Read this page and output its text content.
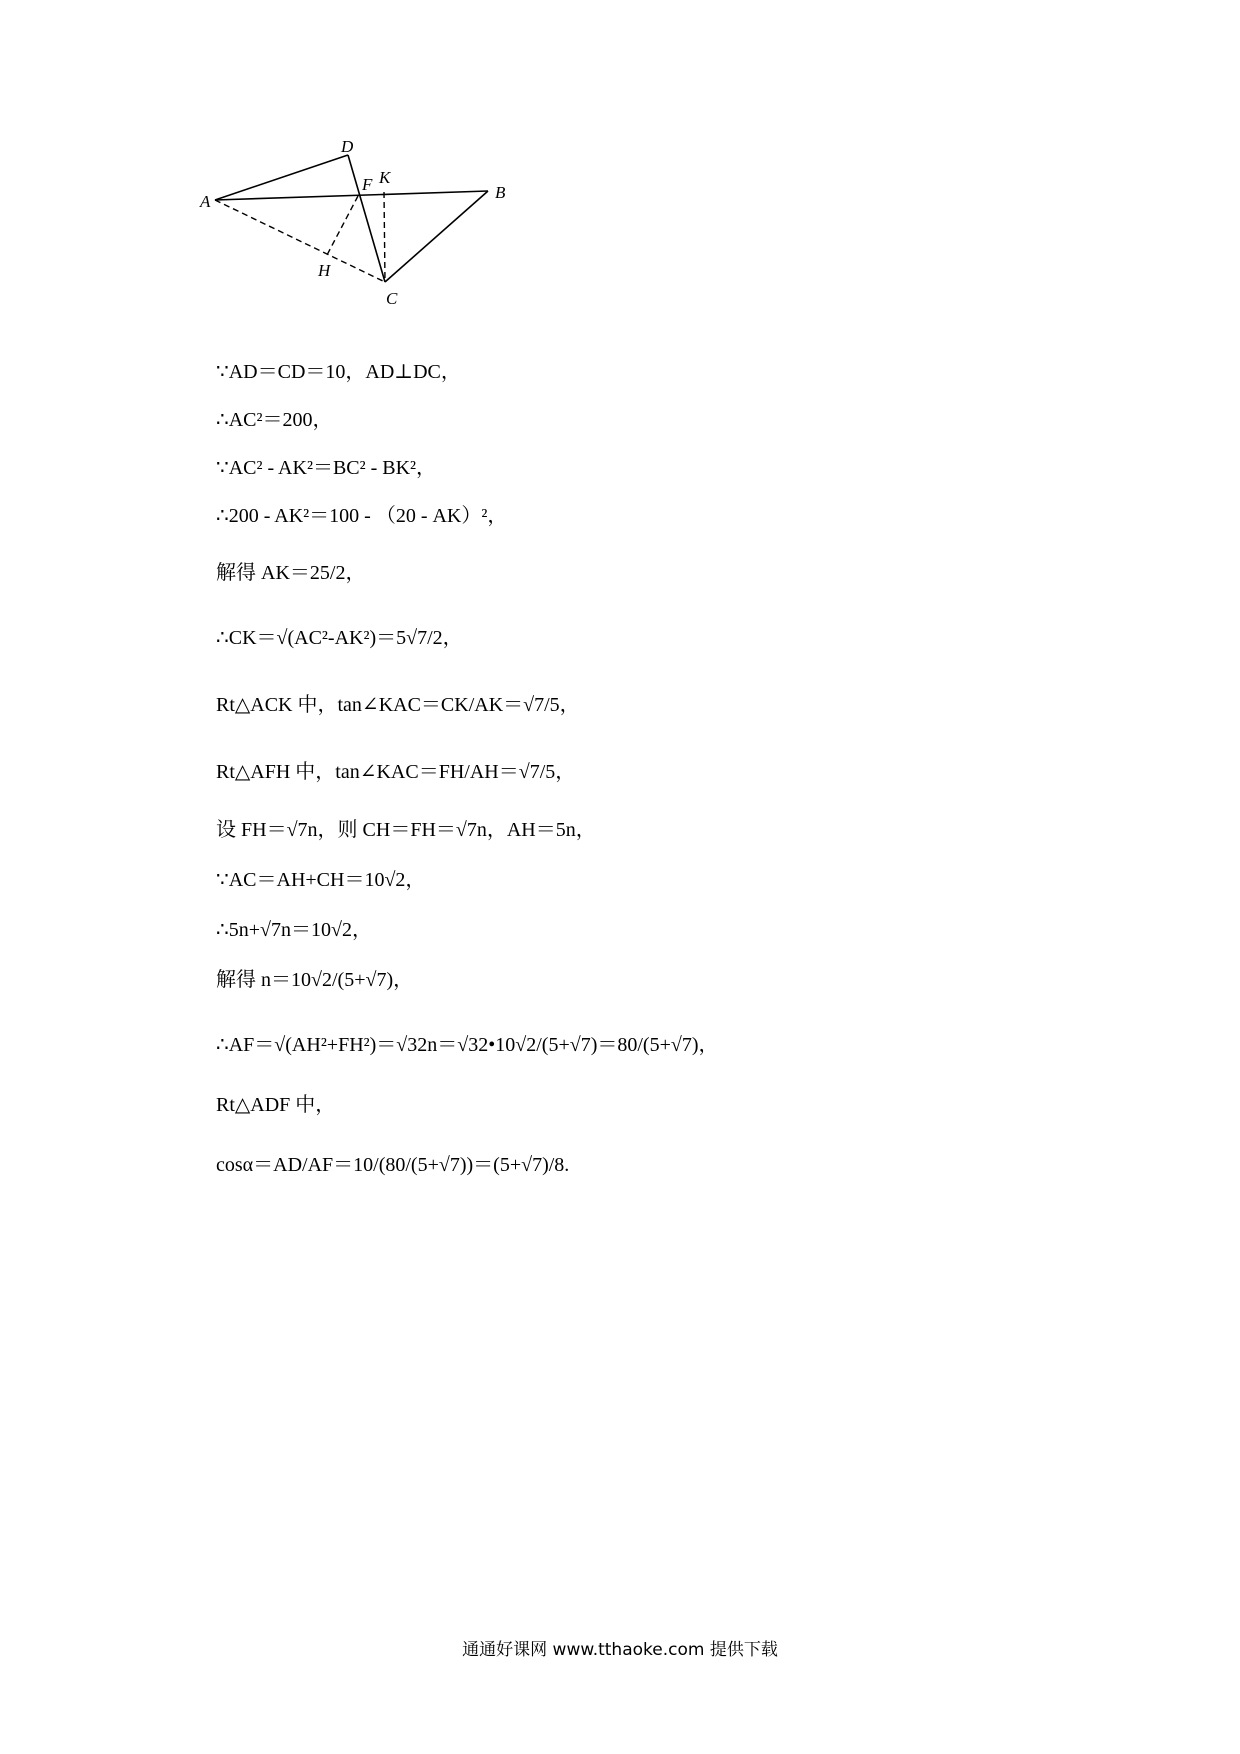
A
D
F K
B
H
C
∵AD＝CD＝10，AD⊥DC，
∴AC²＝200，
∵AC² ‑ AK²＝BC² ‑ BK²，
∴200 ‑ AK²＝100 ‑ （20 ‑ AK）²，
解得 AK＝25/2，
∴CK＝√(AC²‑AK²)＝5√7/2，
Rt△ACK 中，tan∠KAC＝CK/AK＝√7/5，
Rt△AFH 中，tan∠KAC＝FH/AH＝√7/5，
设 FH＝√7n，则 CH＝FH＝√7n，AH＝5n，
∵AC＝AH+CH＝10√2，
∴5n+√7n＝10√2，
解得 n＝10√2/(5+√7)，
∴AF＝√(AH²+FH²)＝√32n＝√32•10√2/(5+√7)＝80/(5+√7)，
Rt△ADF 中，
cosα＝AD/AF＝10/(80/(5+√7))＝(5+√7)/8.
通通好课网 www.tthaoke.com 提供下载
